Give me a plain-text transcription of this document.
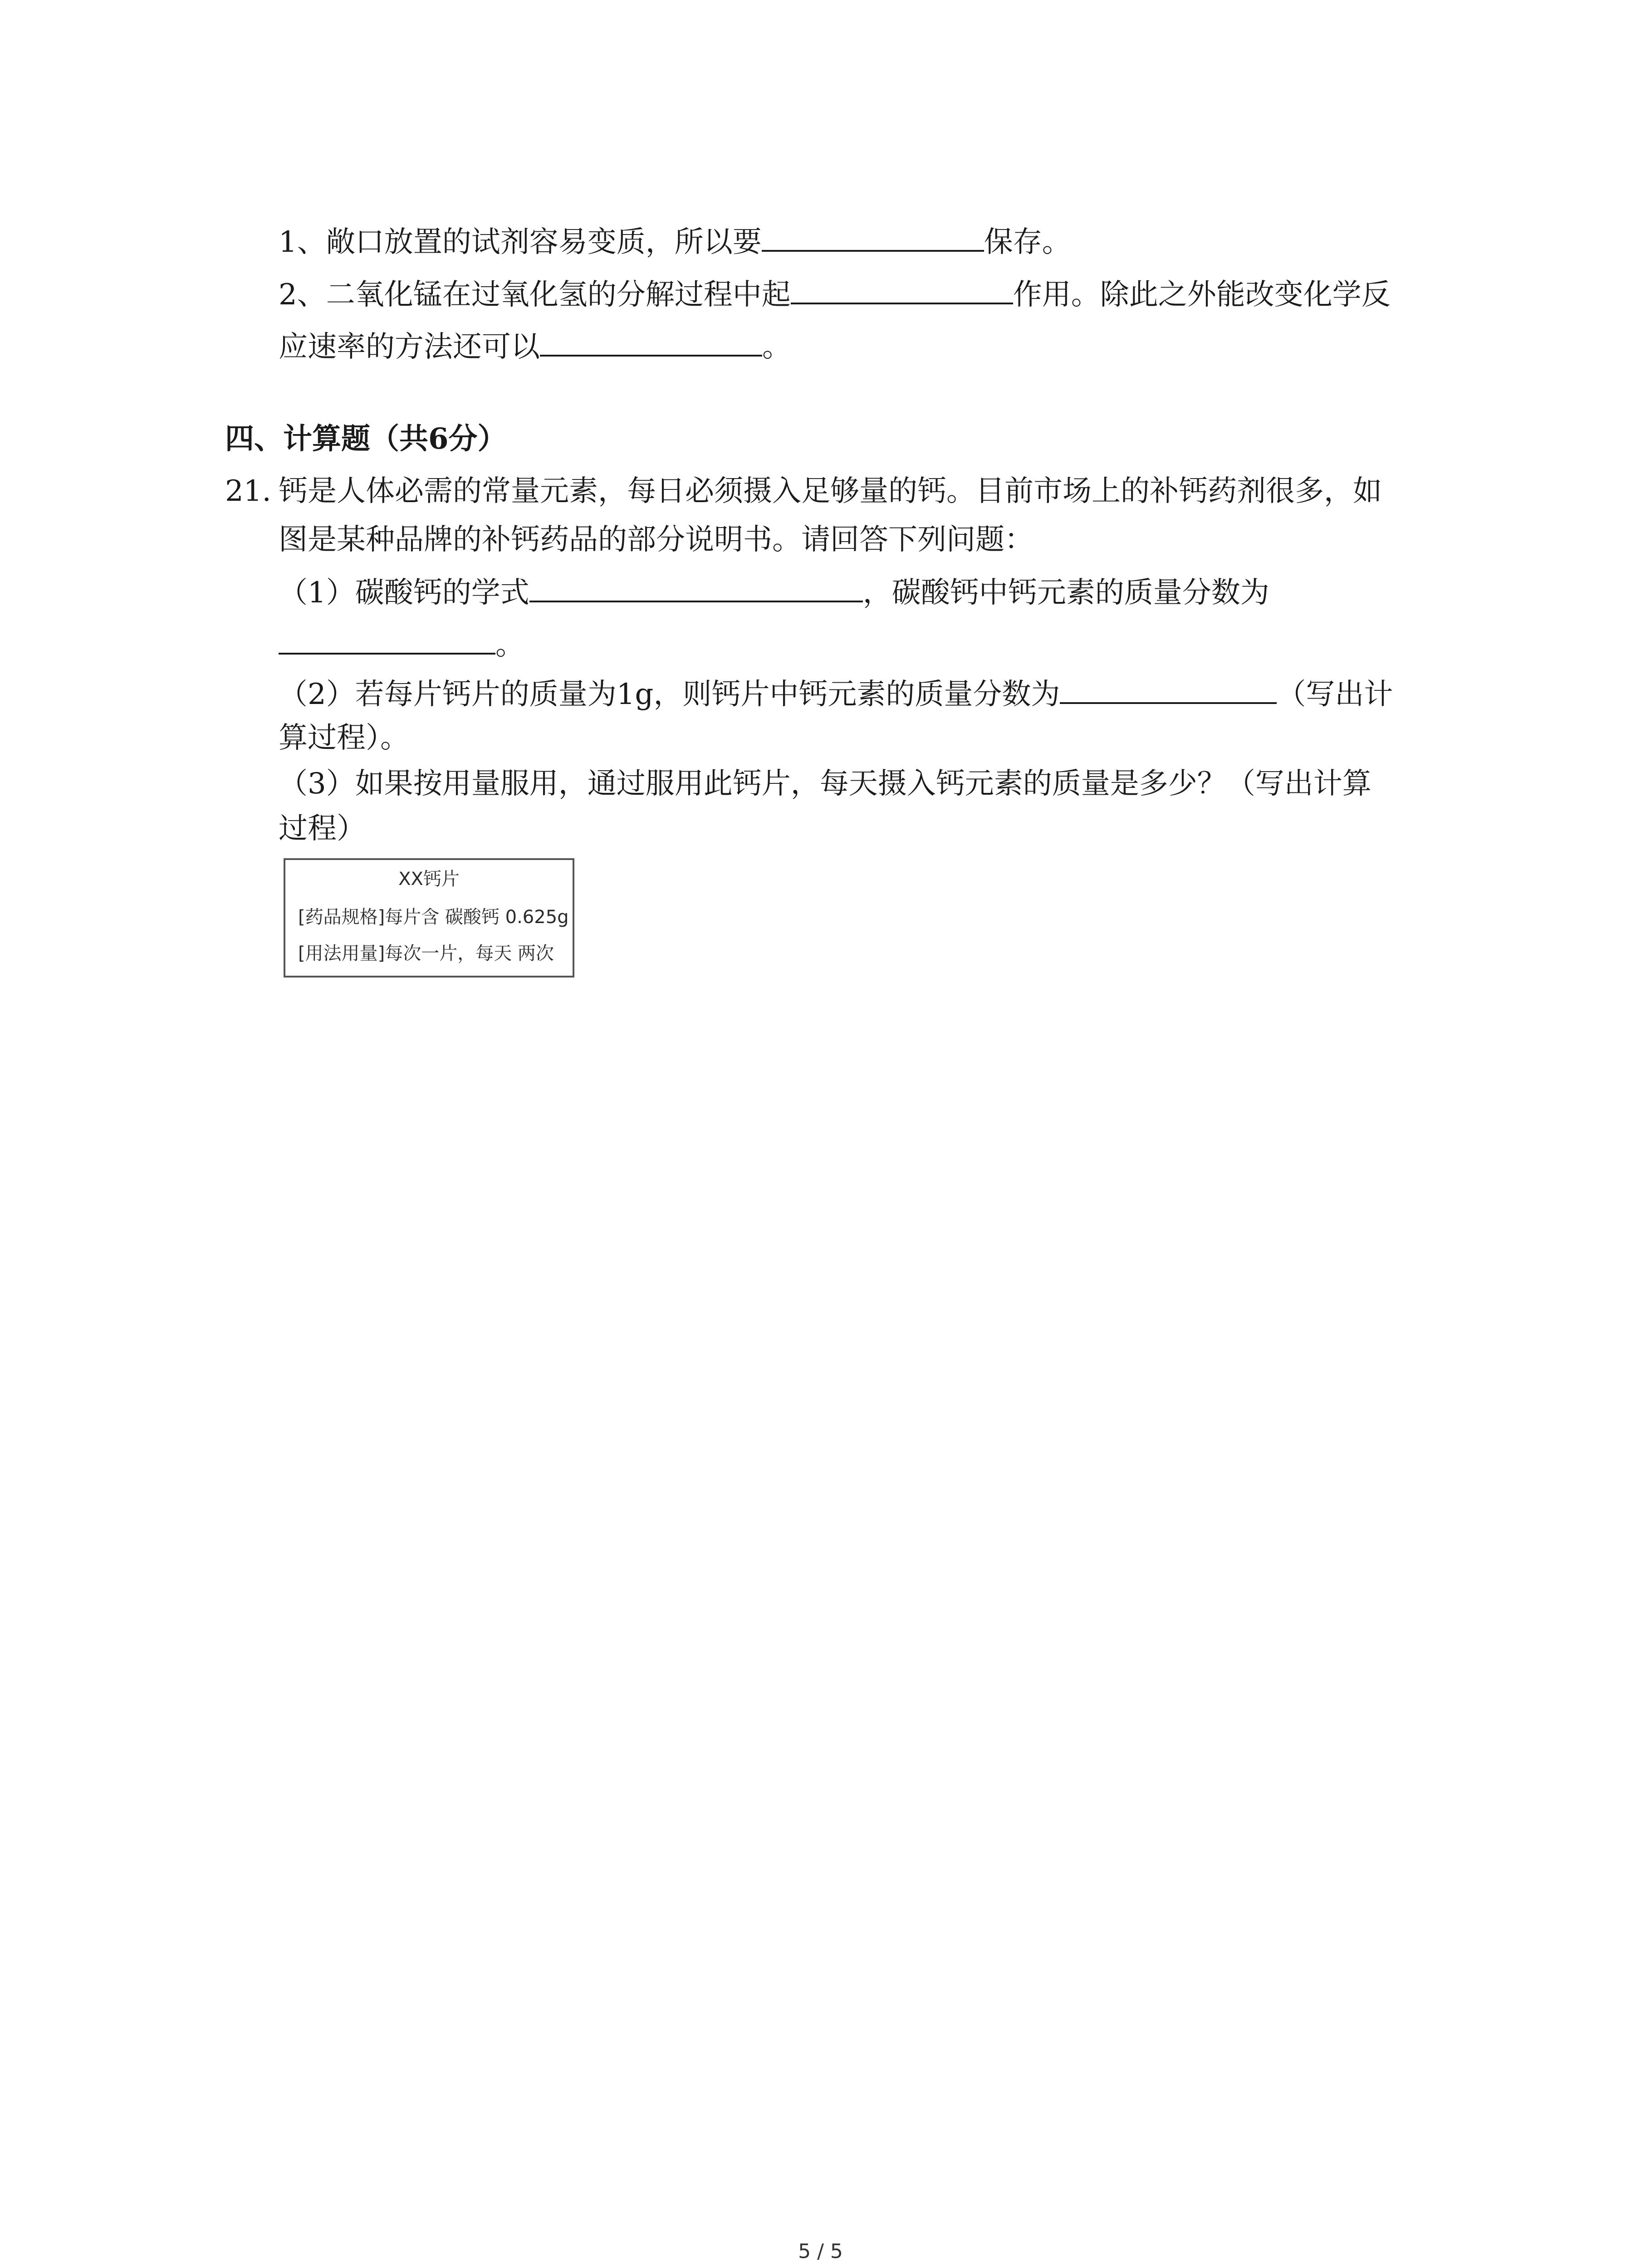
1、敞口放置的试剂容易变质，所以要	保存。
2、二氧化锰在过氧化氢的分解过程中起	作用。除此之外能改变化学反
应速率的方法还可以	。
四、计算题（共6分）
21. 钙是人体必需的常量元素，每日必须摄入足够量的钙。目前市场上的补钙药剂很多，如
图是某种品牌的补钙药品的部分说明书。请回答下列问题：
（1）碳酸钙的学式	，碳酸钙中钙元素的质量分数为
。
（2）若每片钙片的质量为1g，则钙片中钙元素的质量分数为	（写出计
算过程）。
（3）如果按用量服用，通过服用此钙片，每天摄入钙元素的质量是多少？（写出计算
过程）
XX钙片
[药品规格]每片含 碳酸钙 0.625g
[用法用量]每次一片，每天 两次
5 / 5
